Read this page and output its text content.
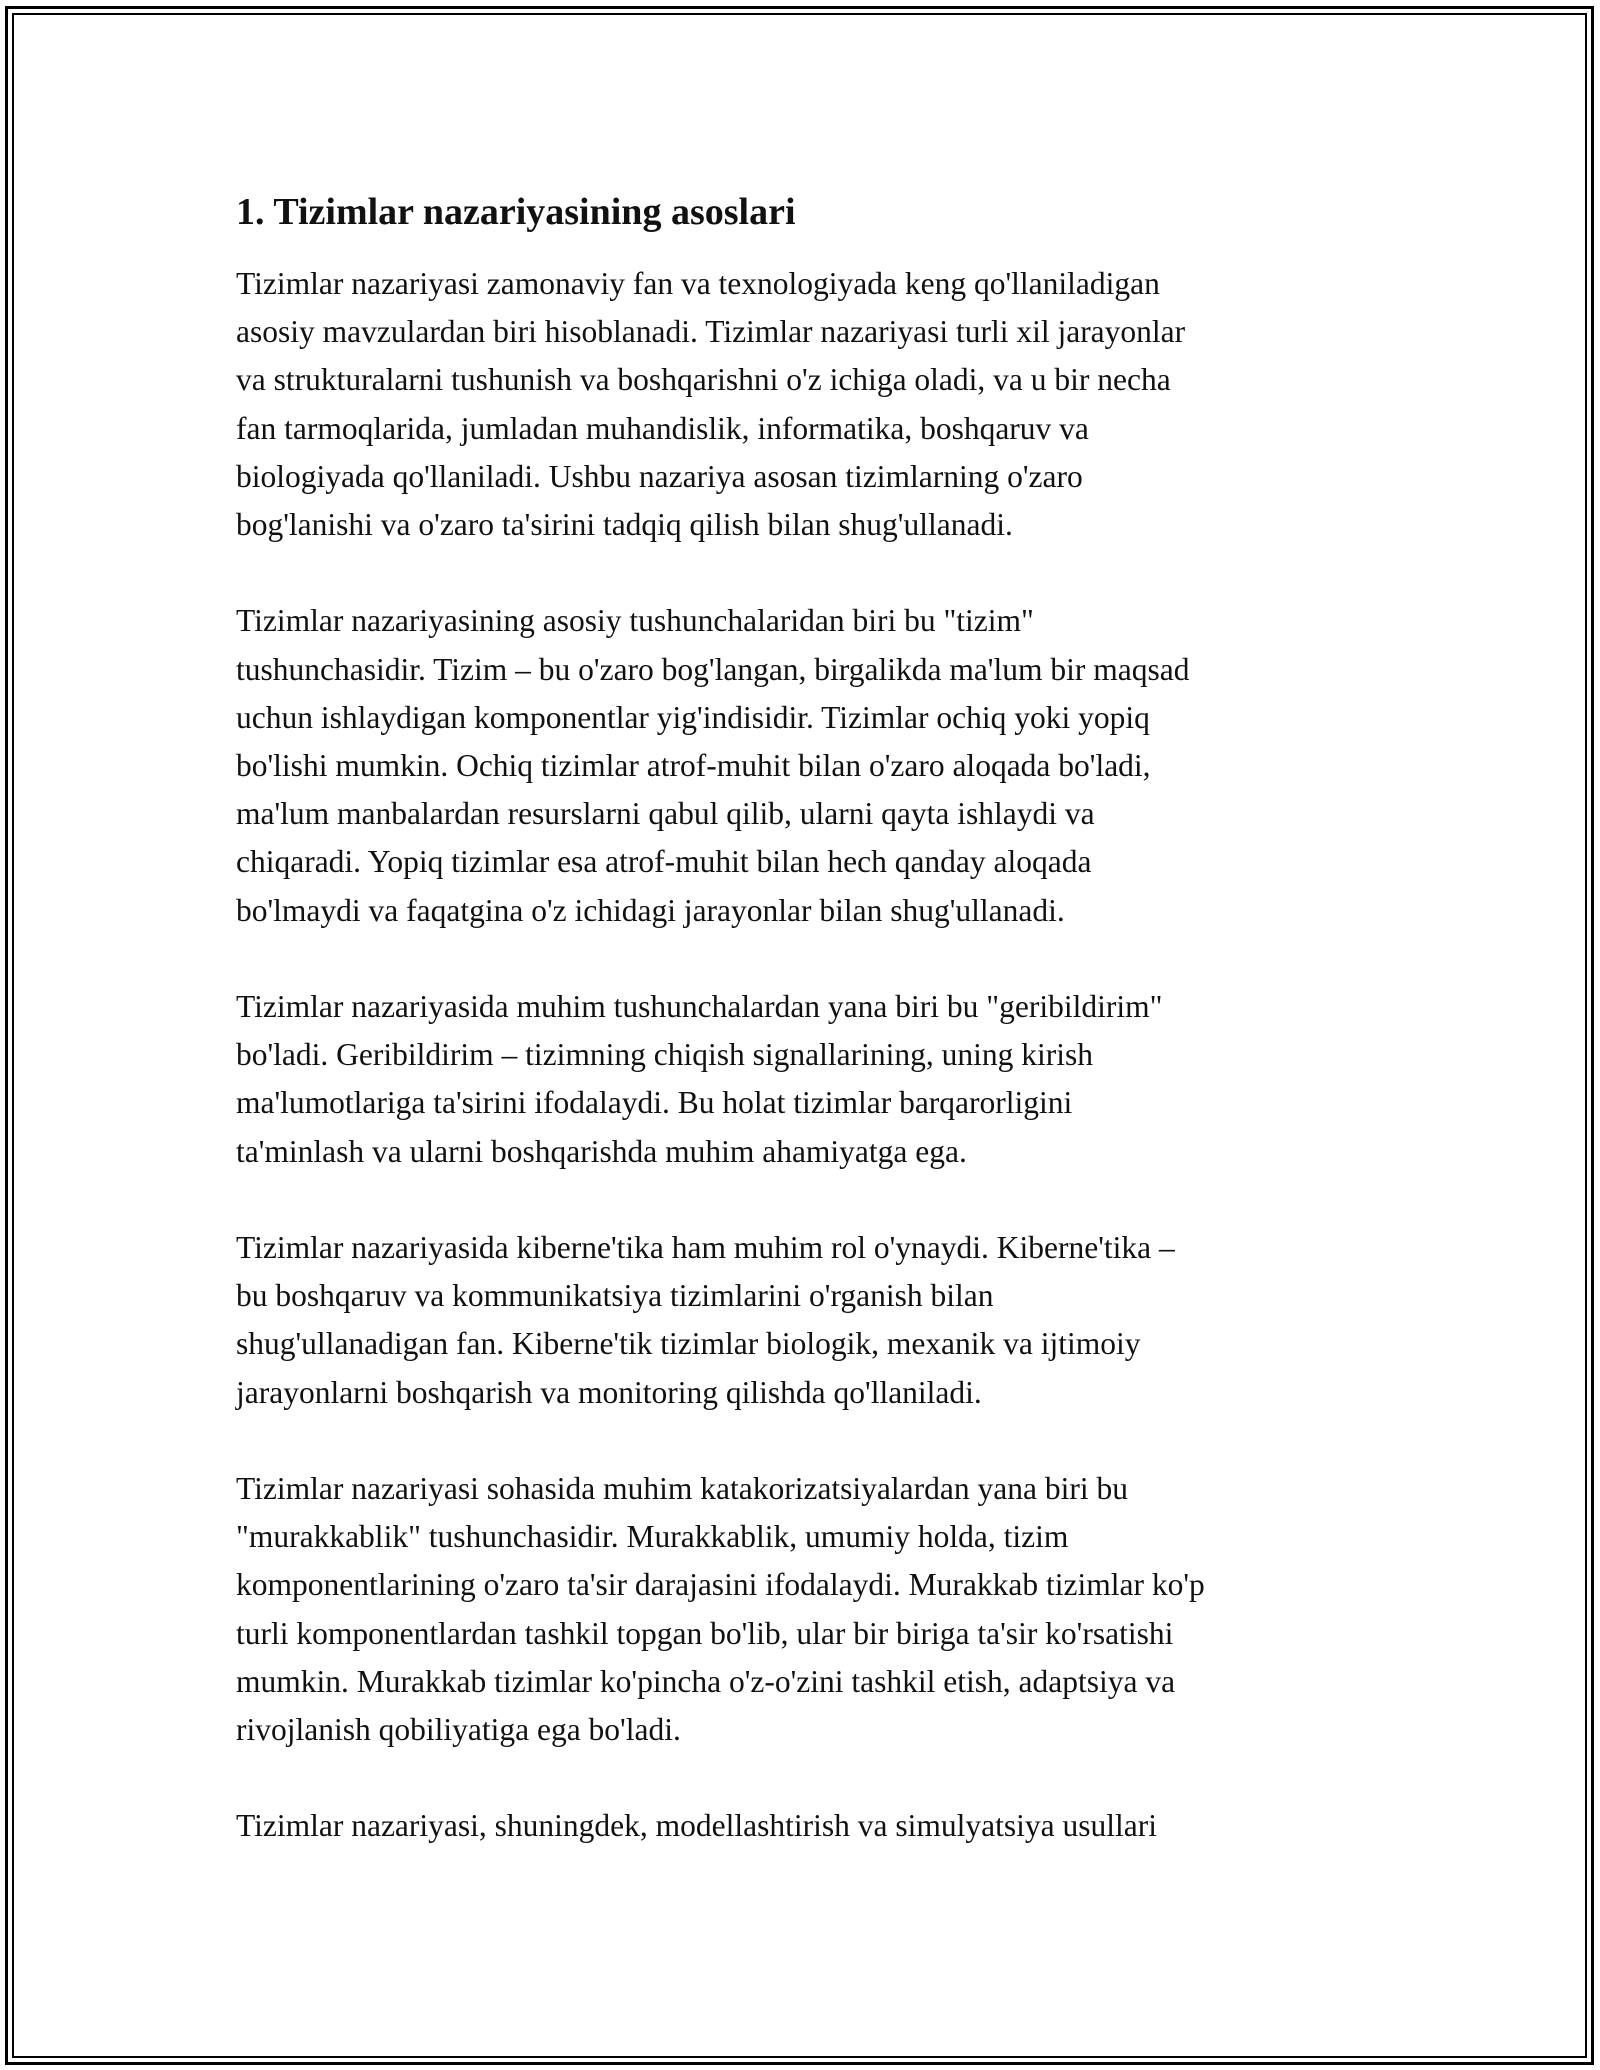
1. Tizimlar nazariyasining asoslari

Tizimlar nazariyasi zamonaviy fan va texnologiyada keng qo'llaniladigan
asosiy mavzulardan biri hisoblanadi. Tizimlar nazariyasi turli xil jarayonlar
va strukturalarni tushunish va boshqarishni o'z ichiga oladi, va u bir necha
fan tarmoqlarida, jumladan muhandislik, informatika, boshqaruv va
biologiyada qo'llaniladi. Ushbu nazariya asosan tizimlarning o'zaro
bog'lanishi va o'zaro ta'sirini tadqiq qilish bilan shug'ullanadi.

Tizimlar nazariyasining asosiy tushunchalaridan biri bu "tizim"
tushunchasidir. Tizim – bu o'zaro bog'langan, birgalikda ma'lum bir maqsad
uchun ishlaydigan komponentlar yig'indisidir. Tizimlar ochiq yoki yopiq
bo'lishi mumkin. Ochiq tizimlar atrof-muhit bilan o'zaro aloqada bo'ladi,
ma'lum manbalardan resurslarni qabul qilib, ularni qayta ishlaydi va
chiqaradi. Yopiq tizimlar esa atrof-muhit bilan hech qanday aloqada
bo'lmaydi va faqatgina o'z ichidagi jarayonlar bilan shug'ullanadi.

Tizimlar nazariyasida muhim tushunchalardan yana biri bu "geribildirim"
bo'ladi. Geribildirim – tizimning chiqish signallarining, uning kirish
ma'lumotlariga ta'sirini ifodalaydi. Bu holat tizimlar barqarorligini
ta'minlash va ularni boshqarishda muhim ahamiyatga ega.

Tizimlar nazariyasida kiberne'tika ham muhim rol o'ynaydi. Kiberne'tika –
bu boshqaruv va kommunikatsiya tizimlarini o'rganish bilan
shug'ullanadigan fan. Kiberne'tik tizimlar biologik, mexanik va ijtimoiy
jarayonlarni boshqarish va monitoring qilishda qo'llaniladi.

Tizimlar nazariyasi sohasida muhim katakorizatsiyalardan yana biri bu
"murakkablik" tushunchasidir. Murakkablik, umumiy holda, tizim
komponentlarining o'zaro ta'sir darajasini ifodalaydi. Murakkab tizimlar ko'p
turli komponentlardan tashkil topgan bo'lib, ular bir biriga ta'sir ko'rsatishi
mumkin. Murakkab tizimlar ko'pincha o'z-o'zini tashkil etish, adaptsiya va
rivojlanish qobiliyatiga ega bo'ladi.

Tizimlar nazariyasi, shuningdek, modellashtirish va simulyatsiya usullari
